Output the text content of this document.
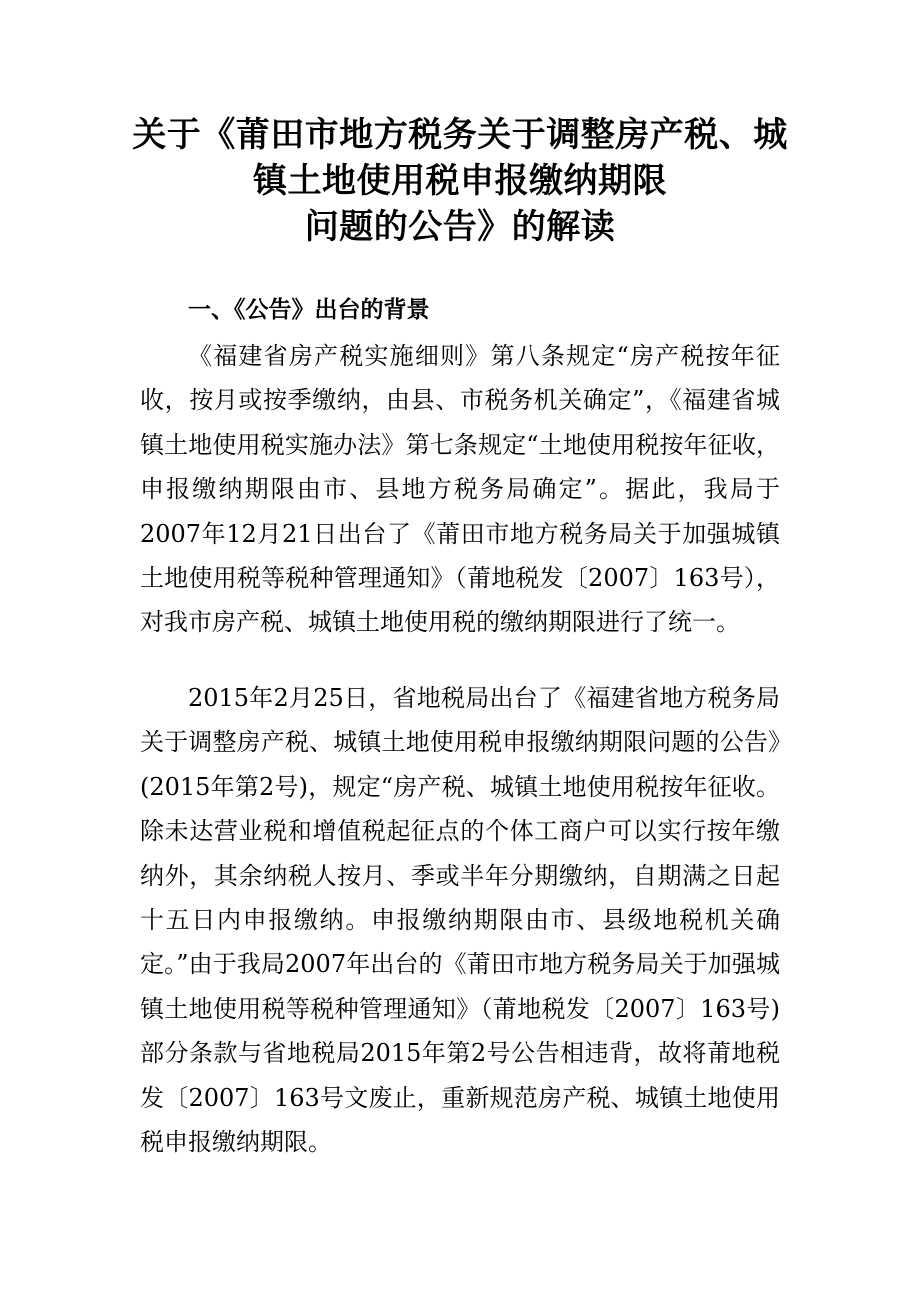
关于《莆田市地方税务关于调整房产税、城
镇土地使用税申报缴纳期限
问题的公告》的解读
一、《公告》出台的背景

《福建省房产税实施细则》第八条规定“房产税按年征收，按月或按季缴纳，由县、市税务机关确定”，《福建省城镇土地使用税实施办法》第七条规定“土地使用税按年征收，申报缴纳期限由市、县地方税务局确定”。据此，我局于2007年12月21日出台了《莆田市地方税务局关于加强城镇土地使用税等税种管理通知》（莆地税发〔2007〕163号），对我市房产税、城镇土地使用税的缴纳期限进行了统一。

2015年2月25日，省地税局出台了《福建省地方税务局关于调整房产税、城镇土地使用税申报缴纳期限问题的公告》(2015年第2号)，规定“房产税、城镇土地使用税按年征收。除未达营业税和增值税起征点的个体工商户可以实行按年缴纳外，其余纳税人按月、季或半年分期缴纳，自期满之日起十五日内申报缴纳。申报缴纳期限由市、县级地税机关确定。”由于我局2007年出台的《莆田市地方税务局关于加强城镇土地使用税等税种管理通知》（莆地税发〔2007〕163号)部分条款与省地税局2015年第2号公告相违背，故将莆地税发〔2007〕163号文废止，重新规范房产税、城镇土地使用税申报缴纳期限。
